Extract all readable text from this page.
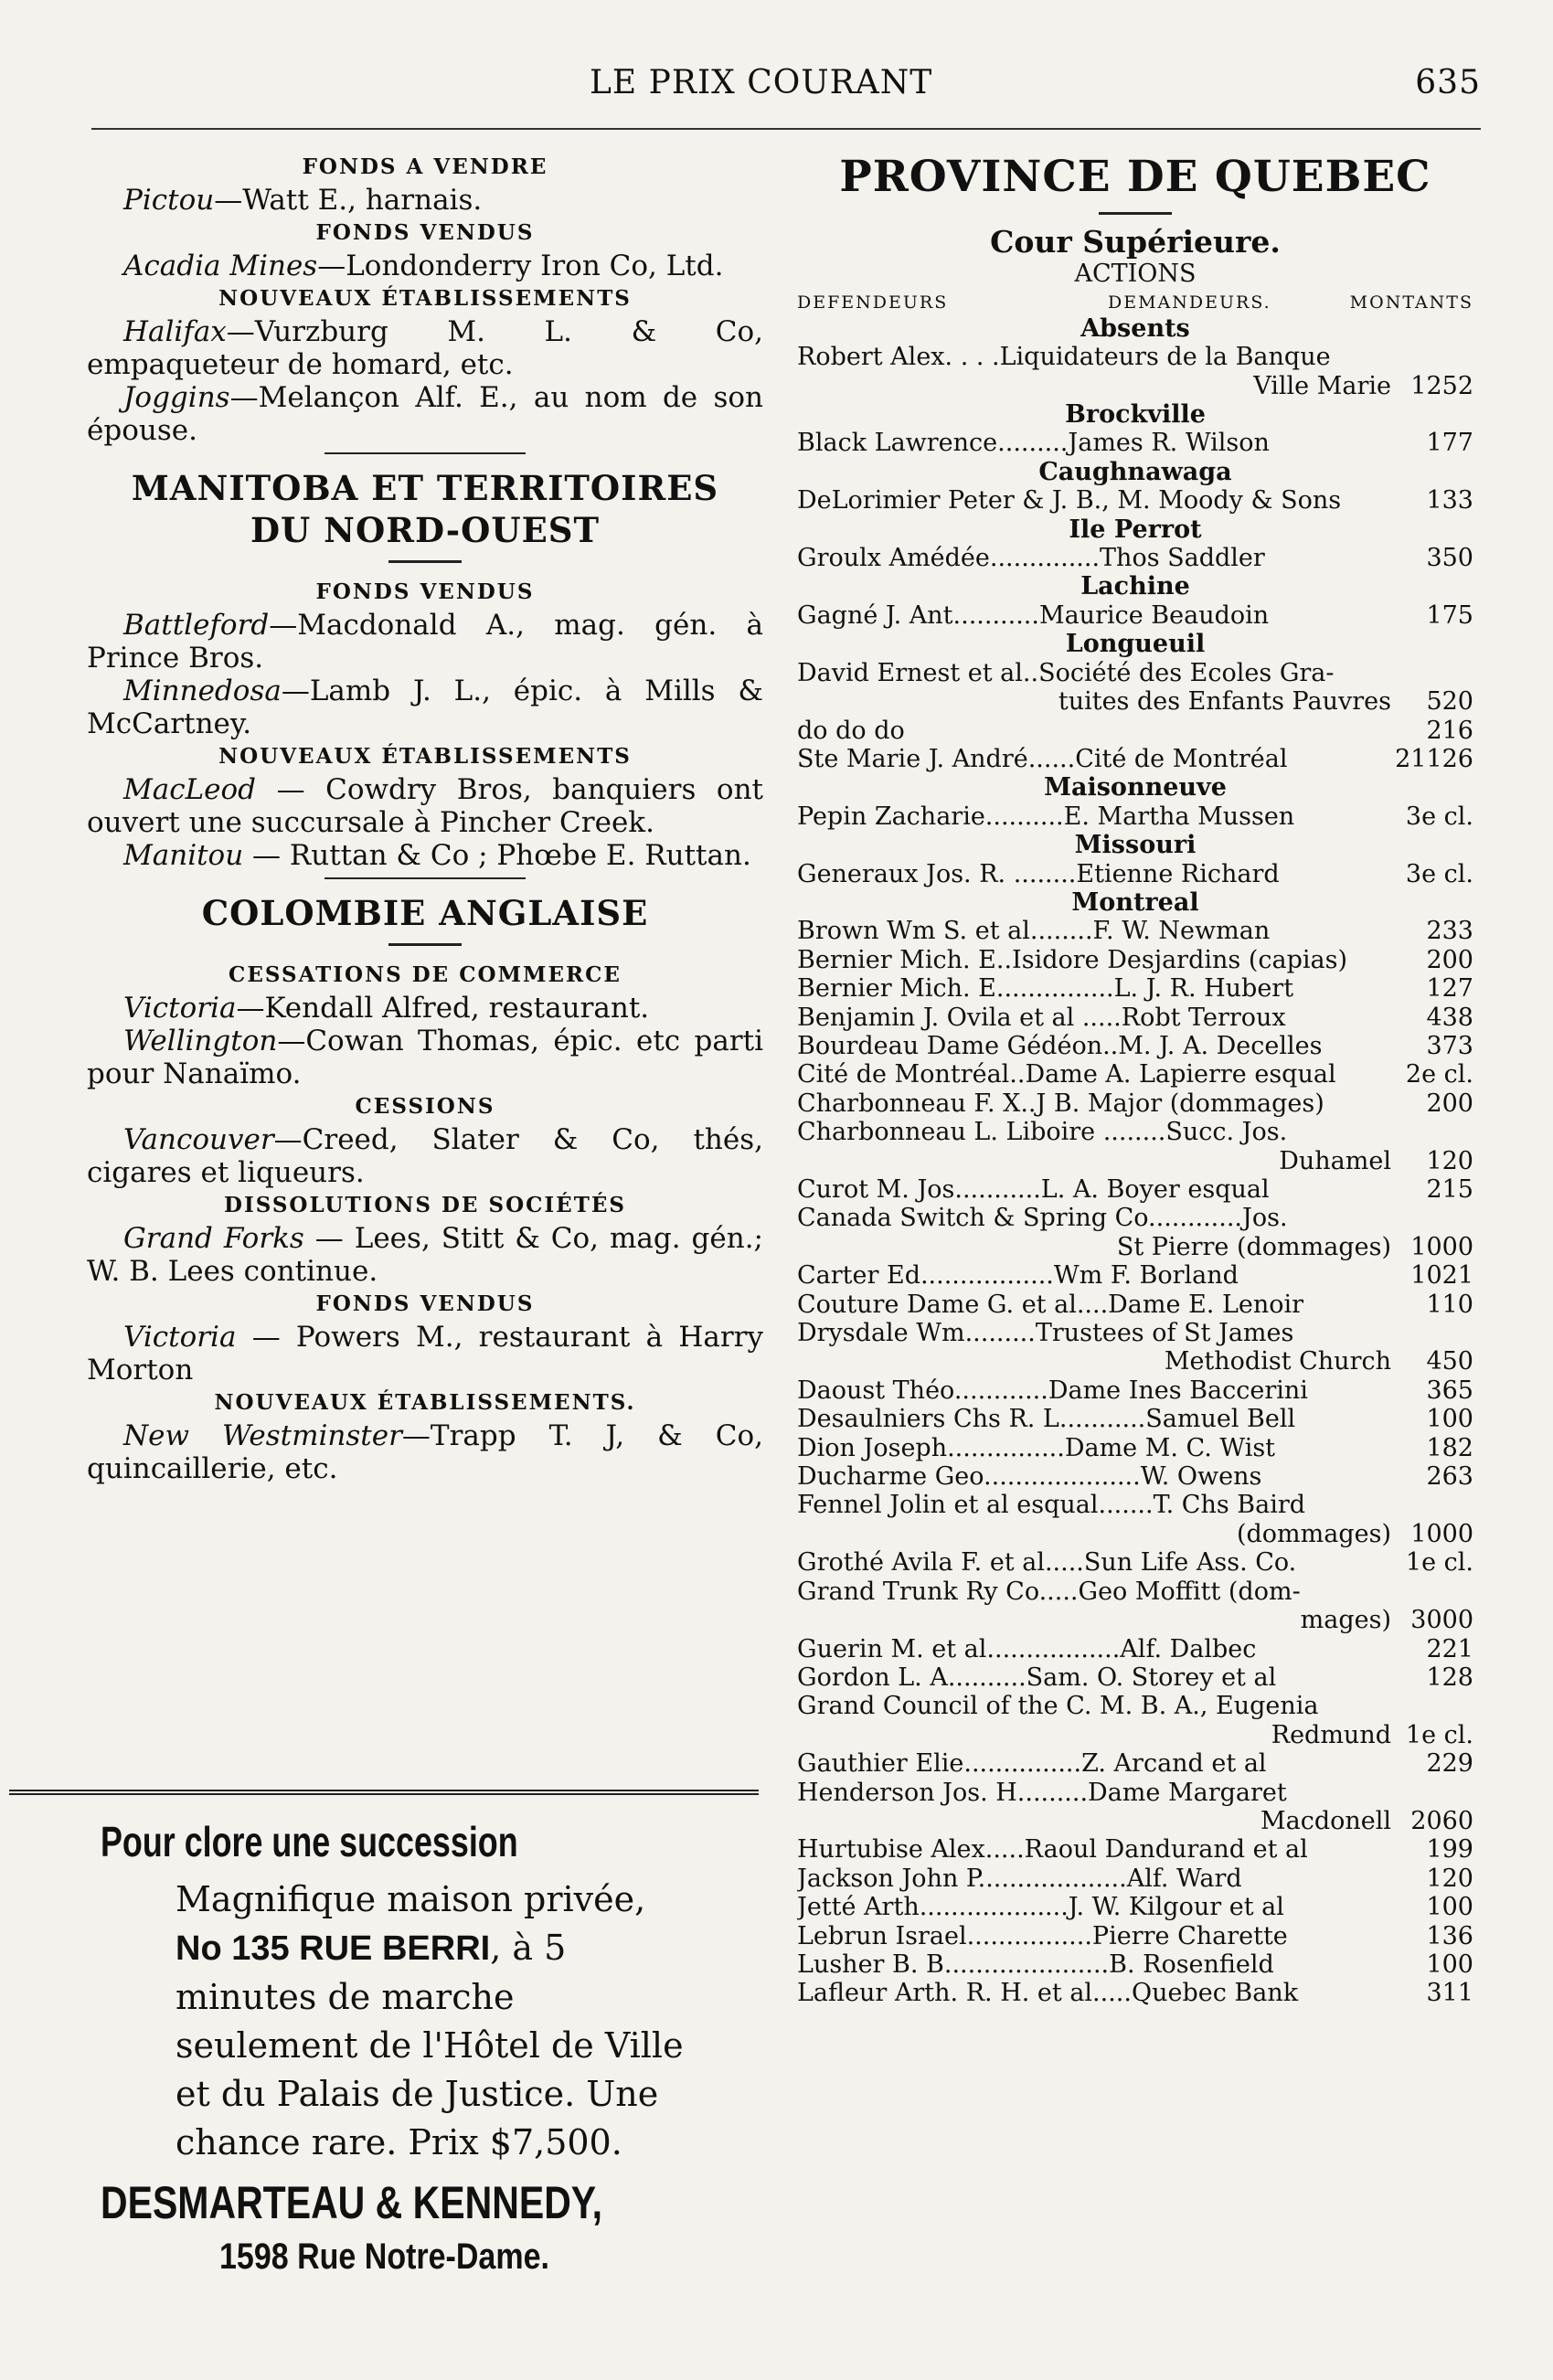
LE PRIX COURANT	635
FONDS A VENDRE

Pictou—Watt E., harnais.

FONDS VENDUS

Acadia Mines—Londonderry Iron Co, Ltd.

NOUVEAUX ÉTABLISSEMENTS

Halifax—Vurzburg M. L. & Co, empaqueteur de homard, etc.

Joggins—Melançon Alf. E., au nom de son épouse.

MANITOBA ET TERRITOIRES
DU NORD-OUEST
FONDS VENDUS

Battleford—Macdonald A., mag. gén. à Prince Bros.

Minnedosa—Lamb J. L., épic. à Mills & McCartney.

NOUVEAUX ÉTABLISSEMENTS

MacLeod — Cowdry Bros, banquiers ont ouvert une succursale à Pincher Creek.

Manitou — Ruttan & Co ; Phœbe E. Ruttan.

COLOMBIE ANGLAISE
CESSATIONS DE COMMERCE

Victoria—Kendall Alfred, restaurant.

Wellington—Cowan Thomas, épic. etc parti pour Nanaïmo.

CESSIONS

Vancouver—Creed, Slater & Co, thés, cigares et liqueurs.

DISSOLUTIONS DE SOCIÉTÉS

Grand Forks — Lees, Stitt & Co, mag. gén.; W. B. Lees continue.

FONDS VENDUS

Victoria — Powers M., restaurant à Harry Morton

NOUVEAUX ÉTABLISSEMENTS.

New Westminster—Trapp T. J, & Co, quincaillerie, etc.

Pour clore une succession
Magnifique maison privée,
No 135 RUE BERRI, à 5 minutes de marche seulement de l'Hôtel de Ville et du Palais de Justice. Une chance rare. Prix $7,500.
DESMARTEAU & KENNEDY,
1598 Rue Notre-Dame.
PROVINCE DE QUEBEC
Cour Supérieure.
ACTIONS
DEFENDEURS	DEMANDEURS.	MONTANTS
Absents
Robert Alex. . . .Liquidateurs de la Banque
Ville Marie 1252
Brockville
Black Lawrence.........James R. Wilson	177
Caughnawaga
DeLorimier Peter & J. B., M. Moody & Sons	133
Ile Perrot
Groulx Amédée..............Thos Saddler	350
Lachine
Gagné J. Ant...........Maurice Beaudoin	175
Longueuil
David Ernest et al..Société des Ecoles Gra-
tuites des Enfants Pauvres	520
do do do	216
Ste Marie J. André......Cité de Montréal	21126
Maisonneuve
Pepin Zacharie..........E. Martha Mussen	3e cl.
Missouri
Generaux Jos. R. ........Etienne Richard	3e cl.
Montreal
Brown Wm S. et al........F. W. Newman	233
Bernier Mich. E..Isidore Desjardins (capias)	200
Bernier Mich. E...............L. J. R. Hubert	127
Benjamin J. Ovila et al .....Robt Terroux	438
Bourdeau Dame Gédéon..M. J. A. Decelles	373
Cité de Montréal..Dame A. Lapierre esqual	2e cl.
Charbonneau F. X..J B. Major (dommages)	200
Charbonneau L. Liboire ........Succ. Jos.
Duhamel	120
Curot M. Jos...........L. A. Boyer esqual	215
Canada Switch & Spring Co............Jos.
St Pierre (dommages) 1000
Carter Ed.................Wm F. Borland	1021
Couture Dame G. et al....Dame E. Lenoir	110
Drysdale Wm.........Trustees of St James
Methodist Church	450
Daoust Théo............Dame Ines Baccerini	365
Desaulniers Chs R. L...........Samuel Bell	100
Dion Joseph...............Dame M. C. Wist	182
Ducharme Geo....................W. Owens	263
Fennel Jolin et al esqual.......T. Chs Baird
(dommages) 1000
Grothé Avila F. et al.....Sun Life Ass. Co.	1e cl.
Grand Trunk Ry Co.....Geo Moffitt (dom-
mages) 3000
Guerin M. et al.................Alf. Dalbec	221
Gordon L. A..........Sam. O. Storey et al	128
Grand Council of the C. M. B. A., Eugenia
Redmund 1e cl.
Gauthier Elie...............Z. Arcand et al	229
Henderson Jos. H.........Dame Margaret
Macdonell 2060
Hurtubise Alex.....Raoul Dandurand et al	199
Jackson John P...................Alf. Ward	120
Jetté Arth...................J. W. Kilgour et al	100
Lebrun Israel................Pierre Charette	136
Lusher B. B.....................B. Rosenfield	100
Lafleur Arth. R. H. et al.....Quebec Bank	311
